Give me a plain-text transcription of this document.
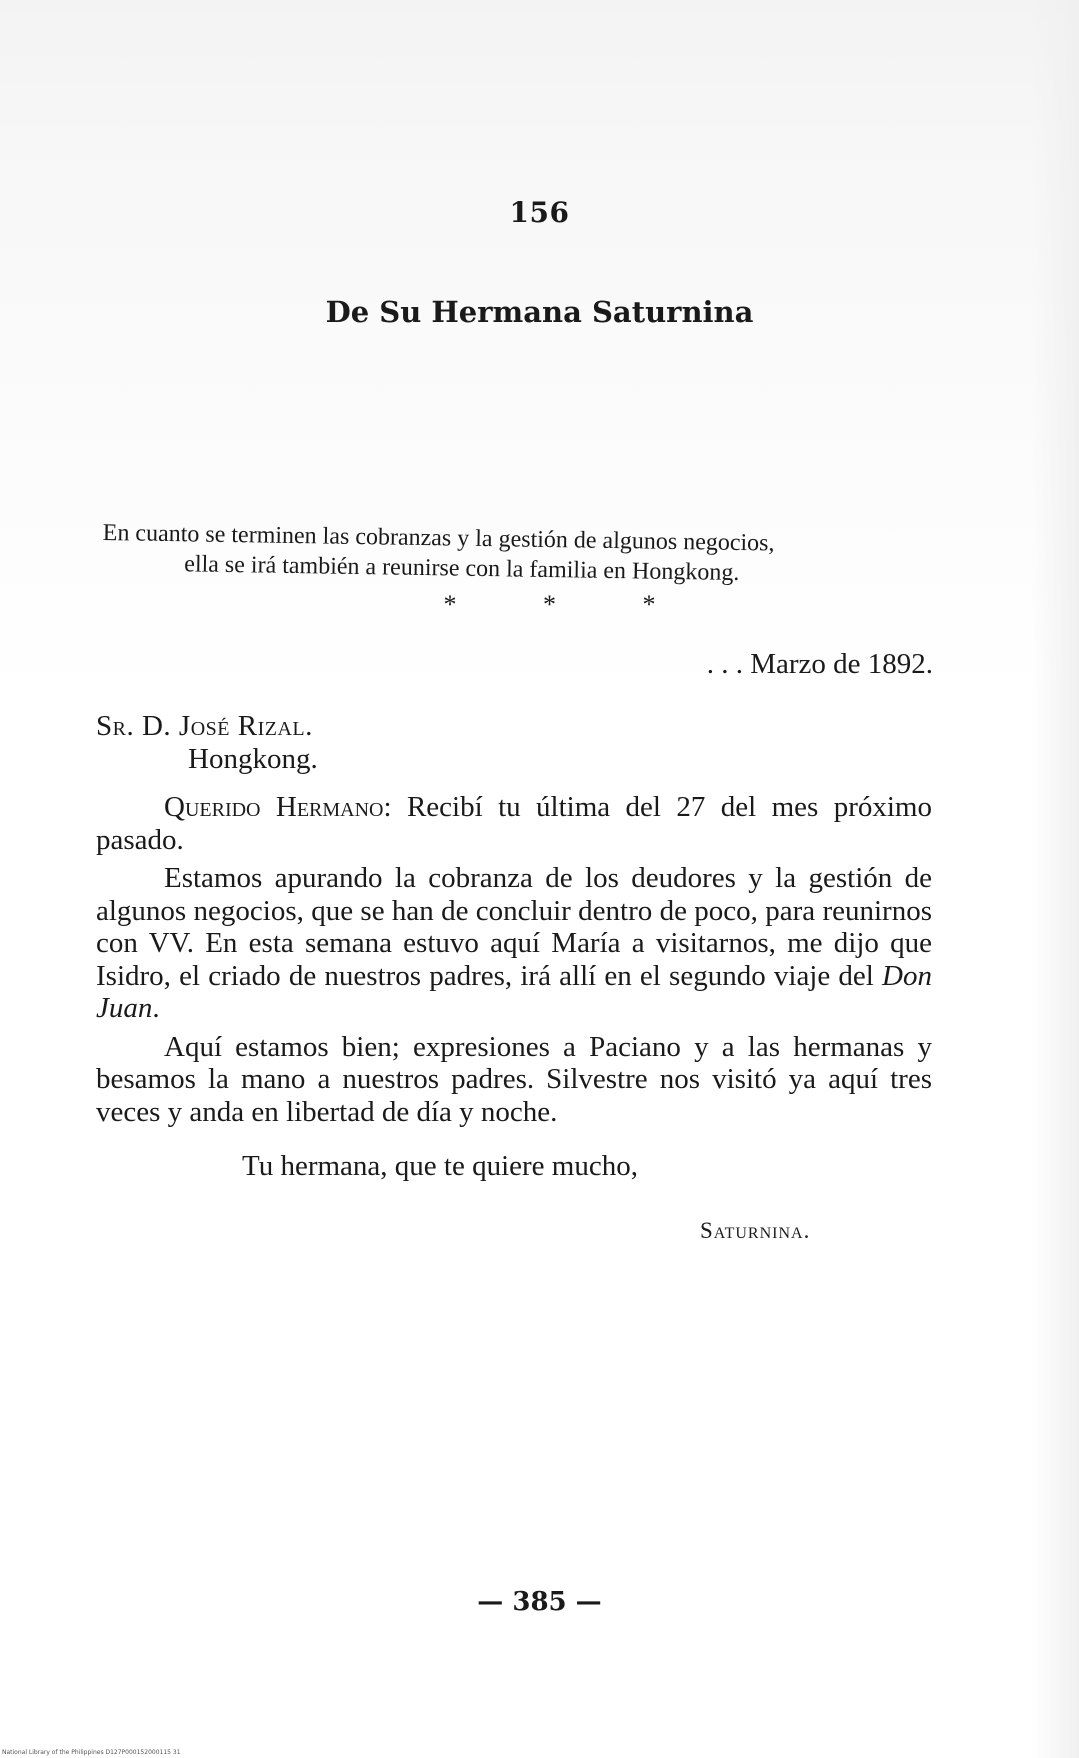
156
De Su Hermana Saturnina

En cuanto se terminen las cobranzas y la gestión de algunos negocios,

ella se irá también a reunirse con la familia en Hongkong.

* * *
. . . Marzo de 1892.

Sr. D. José Rizal.

Hongkong.

Querido Hermano: Recibí tu última del 27 del mes próximo pasado.

Estamos apurando la cobranza de los deudores y la gestión de algunos negocios, que se han de concluir dentro de poco, para reunirnos con VV. En esta semana estuvo aquí María a visitarnos, me dijo que Isidro, el criado de nuestros padres, irá allí en el segundo viaje del Don Juan.

Aquí estamos bien; expresiones a Paciano y a las hermanas y besamos la mano a nuestros padres. Silvestre nos visitó ya aquí tres veces y anda en libertad de día y noche.

Tu hermana, que te quiere mucho,

Saturnina.

— 385 —
National Library of the Philippines D127P000152000115 31
